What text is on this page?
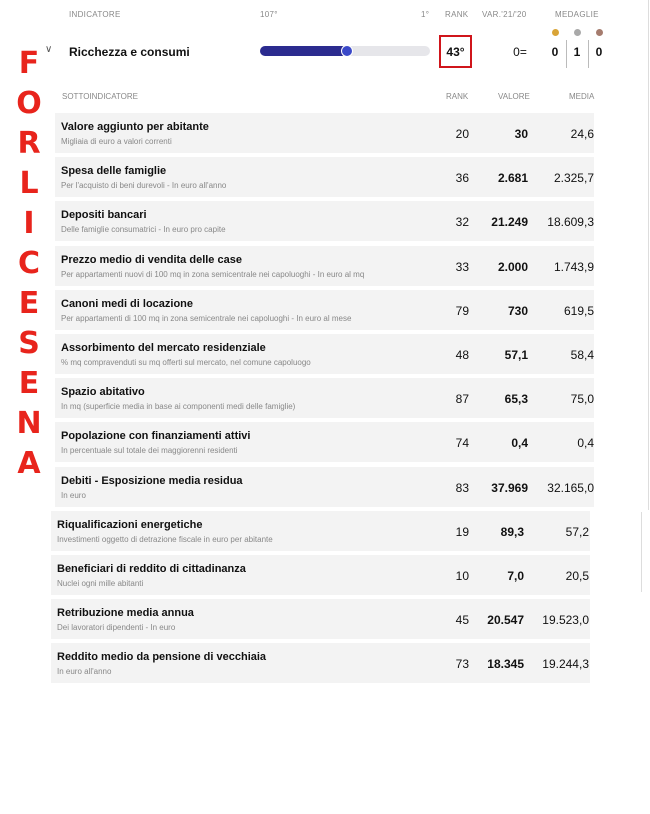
INDICATORE	107°	1° RANK VAR.'21/'20	MEDAGLIE
F
O
R
L
I
C
E
S
E
N
A
∨ Ricchezza e consumi	43°	0=	0	1	0
SOTTOINDICATORE	RANK	VALORE	MEDIA
Valore aggiunto per abitante
Migliaia di euro a valori correnti
20	30	24,6
Spesa delle famiglie
Per l'acquisto di beni durevoli - In euro all'anno
36	2.681	2.325,7
Depositi bancari
Delle famiglie consumatrici - In euro pro capite
32	21.249	18.609,3
Prezzo medio di vendita delle case
Per appartamenti nuovi di 100 mq in zona semicentrale nei capoluoghi - In euro al mq
33	2.000	1.743,9
Canoni medi di locazione
Per appartamenti di 100 mq in zona semicentrale nei capoluoghi - In euro al mese
79	730	619,5
Assorbimento del mercato residenziale
% mq compravenduti su mq offerti sul mercato, nel comune capoluogo
48	57,1	58,4
Spazio abitativo
In mq (superficie media in base ai componenti medi delle famiglie)
87	65,3	75,0
Popolazione con finanziamenti attivi
In percentuale sul totale dei maggiorenni residenti
74	0,4	0,4
Debiti - Esposizione media residua
In euro
83	37.969	32.165,0
Riqualificazioni energetiche
Investimenti oggetto di detrazione fiscale in euro per abitante
19	89,3	57,2
Beneficiari di reddito di cittadinanza
Nuclei ogni mille abitanti
10	7,0	20,5
Retribuzione media annua
Dei lavoratori dipendenti - In euro
45	20.547	19.523,0
Reddito medio da pensione di vecchiaia
In euro all'anno
73	18.345	19.244,3
